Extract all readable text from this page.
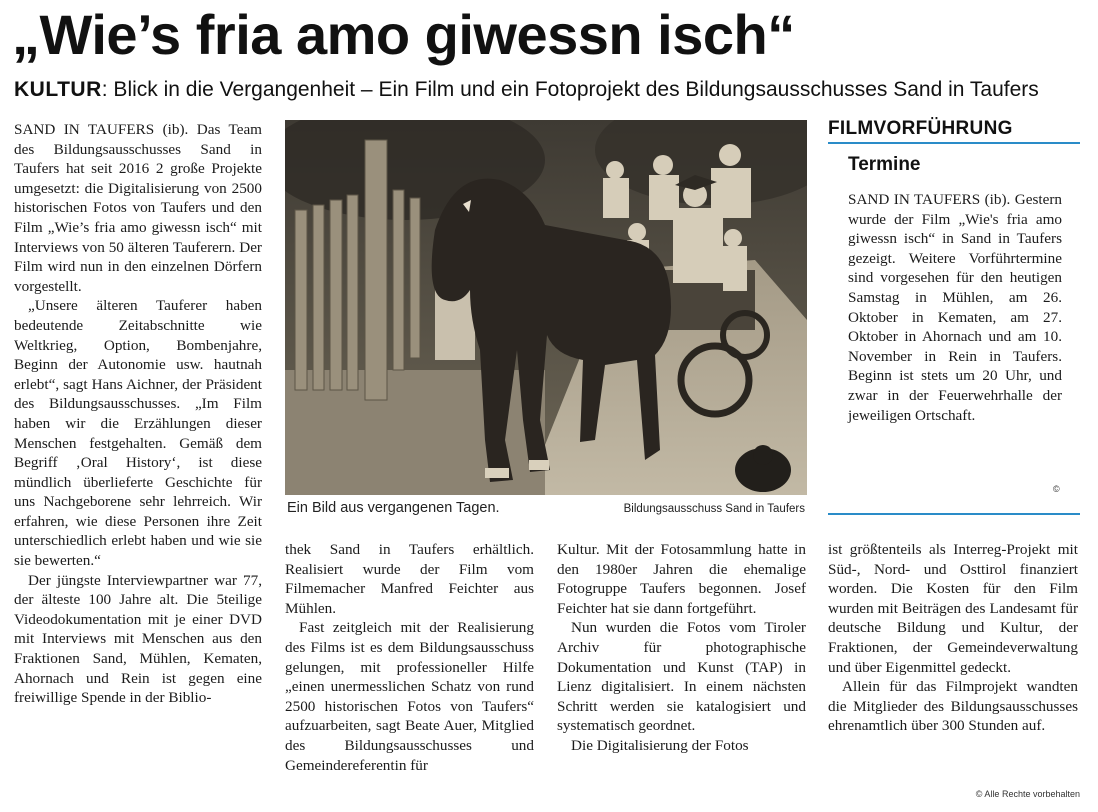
„Wie’s fria amo giwessn isch“
KULTUR: Blick in die Vergangenheit – Ein Film und ein Fotoprojekt des Bildungsausschusses Sand in Taufers

SAND IN TAUFERS (ib). Das Team des Bildungsausschusses Sand in Taufers hat seit 2016 2 große Projekte umgesetzt: die Digitalisierung von 2500 historischen Fotos von Taufers und den Film „Wie’s fria amo giwessn isch“ mit Interviews von 50 älteren Tauferern. Der Film wird nun in den einzelnen Dörfern vorgestellt.

„Unsere älteren Tauferer haben bedeutende Zeitabschnitte wie Weltkrieg, Option, Bombenjahre, Beginn der Autonomie usw. hautnah erlebt“, sagt Hans Aichner, der Präsident des Bildungsausschusses. „Im Film haben wir die Erzählungen dieser Menschen festgehalten. Gemäß dem Begriff ‚Oral History‘, ist diese mündlich überlieferte Geschichte für uns Nachgeborene sehr lehrreich. Wir erfahren, wie diese Personen ihre Zeit unterschiedlich erlebt haben und wie sie sie bewerten.“

Der jüngste Interviewpartner war 77, der älteste 100 Jahre alt. Die 5teilige Videodokumentation mit je einer DVD mit Interviews mit Menschen aus den Fraktionen Sand, Mühlen, Kematen, Ahornach und Rein ist gegen eine freiwillige Spende in der Biblio-

Ein Bild aus vergangenen Tagen.	Bildungsausschuss Sand in Taufers

thek Sand in Taufers erhältlich. Realisiert wurde der Film vom Filmemacher Manfred Feichter aus Mühlen.

Fast zeitgleich mit der Realisierung des Films ist es dem Bildungsausschuss gelungen, mit professioneller Hilfe „einen unermesslichen Schatz von rund 2500 historischen Fotos von Taufers“ aufzuarbeiten, sagt Beate Auer, Mitglied des Bildungsausschusses und Gemeindereferentin für

Kultur. Mit der Fotosammlung hatte in den 1980er Jahren die ehemalige Fotogruppe Taufers begonnen. Josef Feichter hat sie dann fortgeführt.

Nun wurden die Fotos vom Tiroler Archiv für photographische Dokumentation und Kunst (TAP) in Lienz digitalisiert. In einem nächsten Schritt werden sie katalogisiert und systematisch geordnet.

Die Digitalisierung der Fotos

FILMVORFÜHRUNG
Termine
SAND IN TAUFERS (ib). Gestern wurde der Film „Wie's fria amo giwessn isch“ in Sand in Taufers gezeigt. Weitere Vorführtermine sind vorgesehen für den heutigen Samstag in Mühlen, am 26. Oktober in Kematen, am 27. Oktober in Ahornach und am 10. November in Rein in Taufers. Beginn ist stets um 20 Uhr, und zwar in der Feuerwehrhalle der jeweiligen Ortschaft.
©

ist größtenteils als Interreg-Projekt mit Süd-, Nord- und Osttirol finanziert worden. Die Kosten für den Film wurden mit Beiträgen des Landesamt für deutsche Bildung und Kultur, der Fraktionen, der Gemeindeverwaltung und über Eigenmittel gedeckt.

Allein für das Filmprojekt wandten die Mitglieder des Bildungsausschusses ehrenamtlich über 300 Stunden auf.

© Alle Rechte vorbehalten
